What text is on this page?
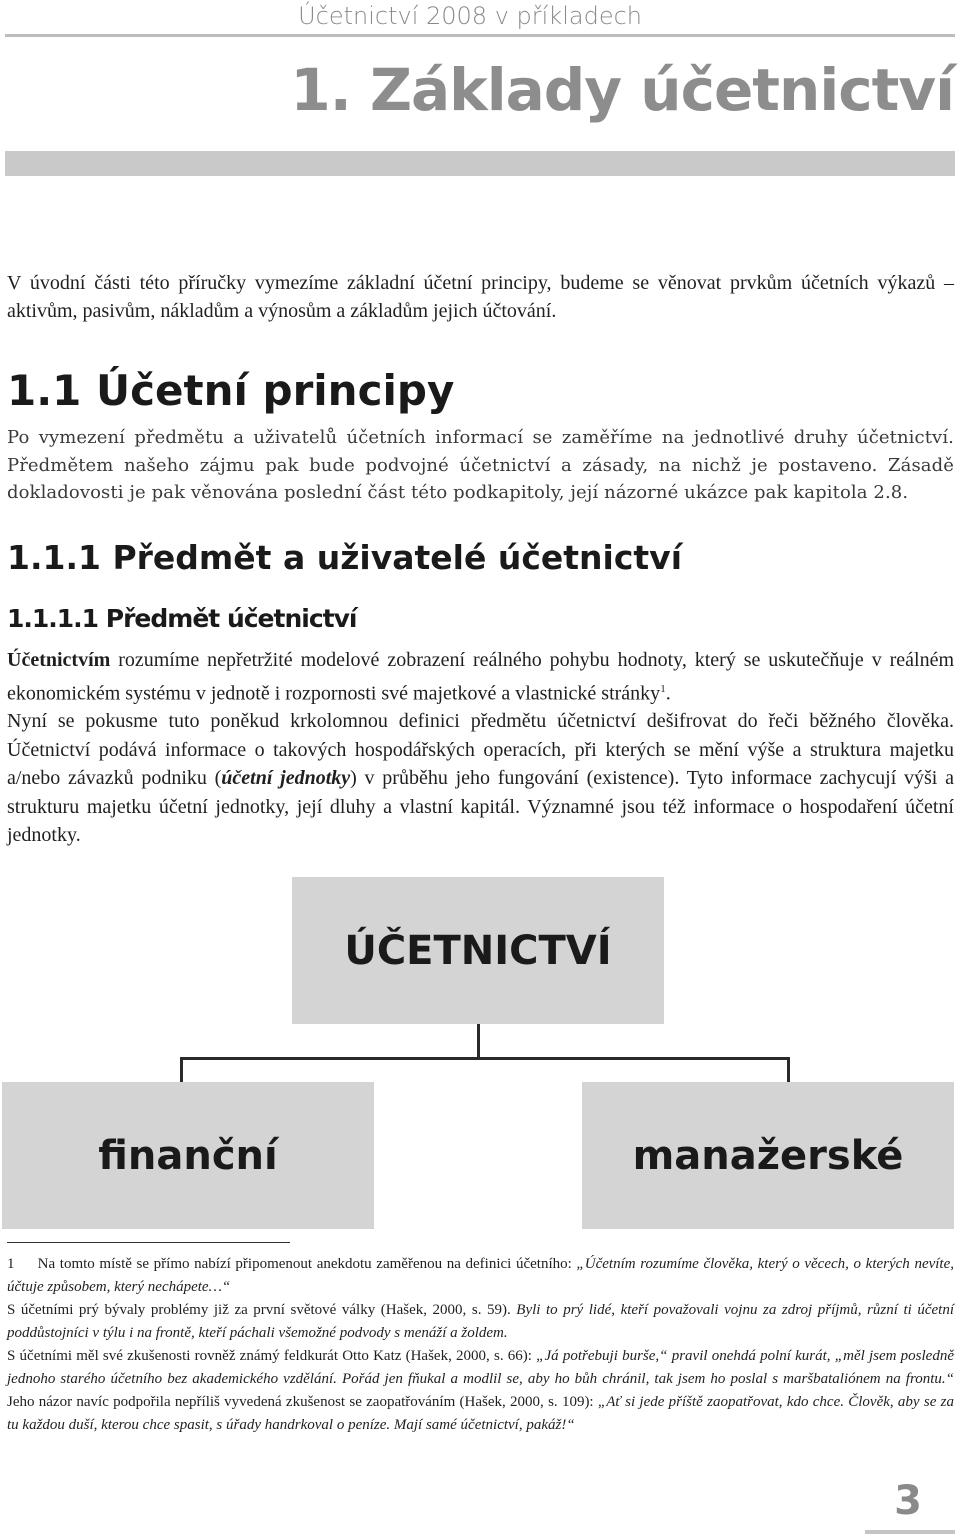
Účetnictví 2008 v příkladech
1. Základy účetnictví
V úvodní části této příručky vymezíme základní účetní principy, budeme se věnovat prvkům účetních výkazů – aktivům, pasivům, nákladům a výnosům a základům jejich účtování.
1.1 Účetní principy
Po vymezení předmětu a uživatelů účetních informací se zaměříme na jednotlivé druhy účetnictví. Předmětem našeho zájmu pak bude podvojné účetnictví a zásady, na nichž je postaveno. Zásadě dokladovosti je pak věnována poslední část této podkapitoly, její názorné ukázce pak kapitola 2.8.
1.1.1 Předmět a uživatelé účetnictví
1.1.1.1 Předmět účetnictví
Účetnictvím rozumíme nepřetržité modelové zobrazení reálného pohybu hodnoty, který se uskutečňuje v reálném ekonomickém systému v jednotě i rozpornosti své majetkové a vlastnické stránky$^1$.
Nyní se pokusme tuto poněkud krkolomnou definici předmětu účetnictví dešifrovat do řeči běžného člověka. Účetnictví podává informace o takových hospodářských operacích, při kterých se mění výše a struktura majetku a/nebo závazků podniku (účetní jednotky) v průběhu jeho fungování (existence). Tyto informace zachycují výši a strukturu majetku účetní jednotky, její dluhy a vlastní kapitál. Významné jsou též informace o hospodaření účetní jednotky.
ÚČETNICTVÍ
finanční	manažerské
1 Na tomto místě se přímo nabízí připomenout anekdotu zaměřenou na definici účetního: „Účetním rozumíme člověka, který o věcech, o kterých nevíte, účtuje způsobem, který nechápete…“
S účetními prý bývaly problémy již za první světové války (Hašek, 2000, s. 59). Byli to prý lidé, kteří považovali vojnu za zdroj příjmů, různí ti účetní poddůstojníci v týlu i na frontě, kteří páchali všemožné podvody s menáží a žoldem.
S účetními měl své zkušenosti rovněž známý feldkurát Otto Katz (Hašek, 2000, s. 66): „Já potřebuji burše,“ pravil onehdá polní kurát, „měl jsem posledně jednoho starého účetního bez akademického vzdělání. Pořád jen fňukal a modlil se, aby ho bůh chránil, tak jsem ho poslal s maršbataliónem na frontu.“ Jeho názor navíc podpořila nepříliš vyvedená zkušenost se zaopatřováním (Hašek, 2000, s. 109): „Ať si jede příště zaopatřovat, kdo chce. Člověk, aby se za tu každou duší, kterou chce spasit, s úřady handrkoval o peníze. Mají samé účetnictví, pakáž!“
3
